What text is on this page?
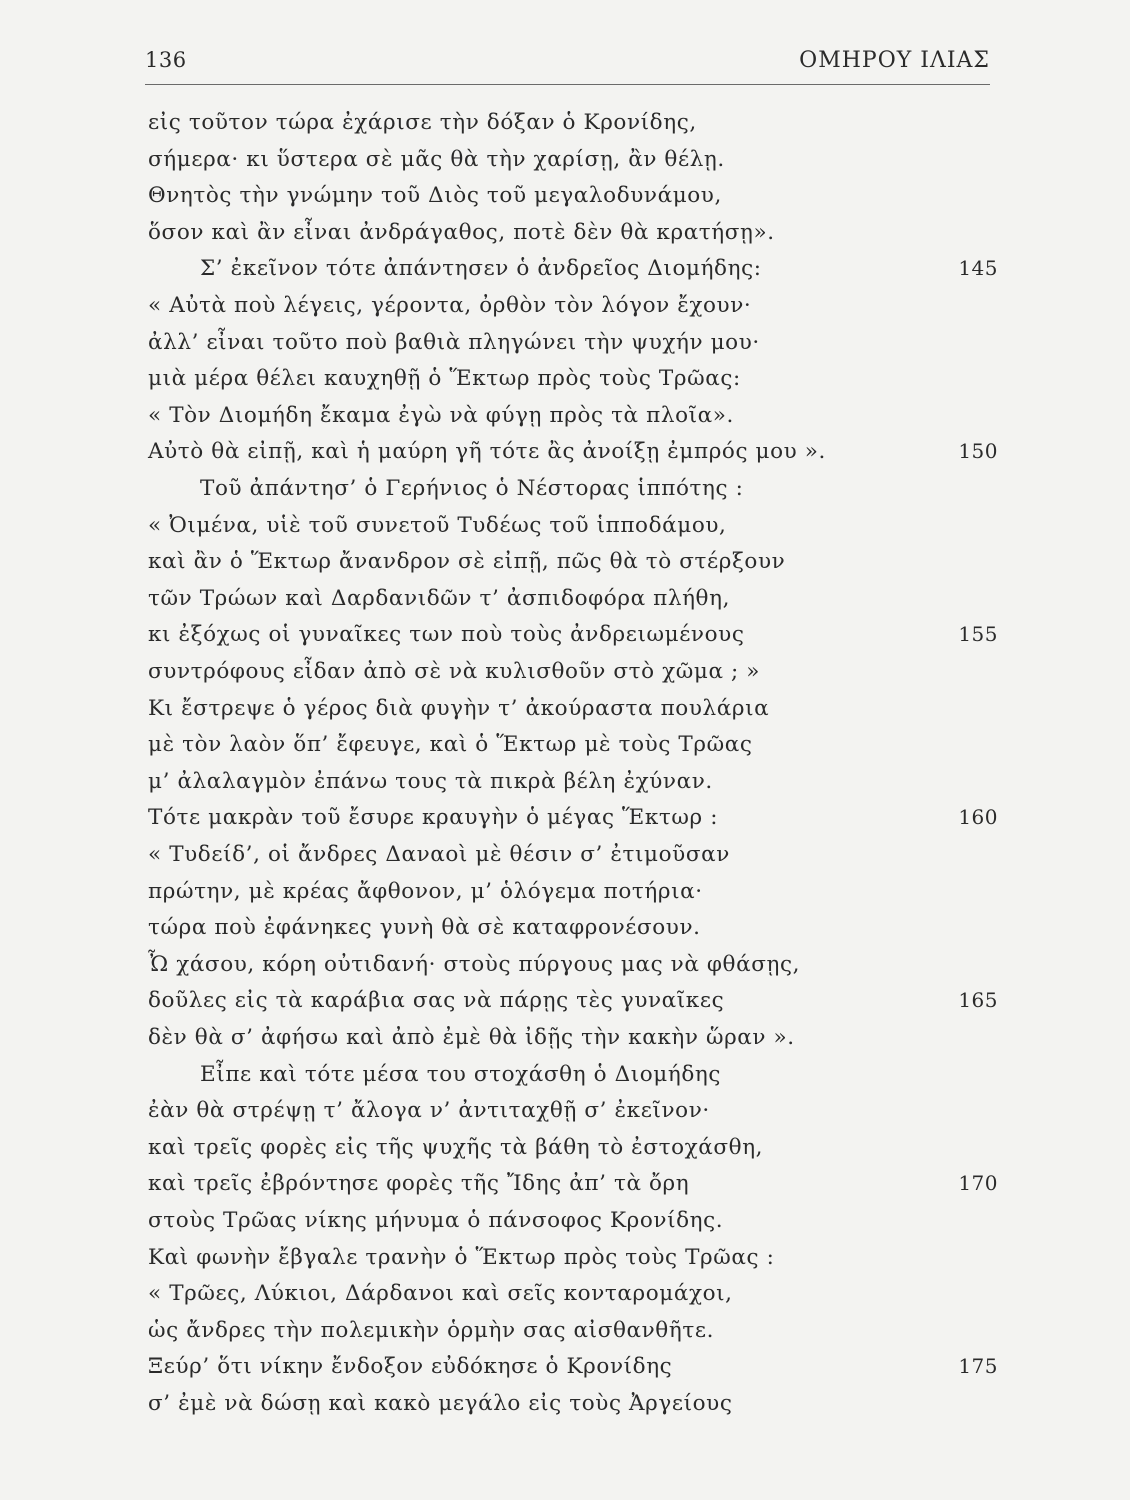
136	ΟΜΗΡΟΥ ΙΛΙΑΣ
εἰς τοῦτον τώρα ἐχάρισε τὴν δόξαν ὁ Κρονίδης,
σήμερα· κι ὕστερα σὲ μᾶς θὰ τὴν χαρίσῃ, ἂν θέλῃ.
Θνητὸς τὴν γνώμην τοῦ Διὸς τοῦ μεγαλοδυνάμου,
ὅσον καὶ ἂν εἶναι ἀνδράγαθος, ποτὲ δὲν θὰ κρατήσῃ».
Σ’ ἐκεῖνον τότε ἀπάντησεν ὁ ἀνδρεῖος Διομήδης:	145
« Αὐτὰ ποὺ λέγεις, γέροντα, ὀρθὸν τὸν λόγον ἔχουν·
ἀλλ’ εἶναι τοῦτο ποὺ βαθιὰ πληγώνει τὴν ψυχήν μου·
μιὰ μέρα θέλει καυχηθῇ ὁ Ἕκτωρ πρὸς τοὺς Τρῶας:
« Τὸν Διομήδη ἔκαμα ἐγὼ νὰ φύγῃ πρὸς τὰ πλοῖα».
Αὐτὸ θὰ εἰπῇ, καὶ ἡ μαύρη γῆ τότε ἂς ἀνοίξῃ ἐμπρός μου ».	150
Τοῦ ἀπάντησ’ ὁ Γερήνιος ὁ Νέστορας ἱππότης :
« Ὀιμένα, υἱὲ τοῦ συνετοῦ Τυδέως τοῦ ἱπποδάμου,
καὶ ἂν ὁ Ἕκτωρ ἄνανδρον σὲ εἰπῇ, πῶς θὰ τὸ στέρξουν
τῶν Τρώων καὶ Δαρδανιδῶν τ’ ἀσπιδοφόρα πλήθη,
κι ἐξόχως οἱ γυναῖκες των ποὺ τοὺς ἀνδρειωμένους	155
συντρόφους εἶδαν ἀπὸ σὲ νὰ κυλισθοῦν στὸ χῶμα ; »
Κι ἔστρεψε ὁ γέρος διὰ φυγὴν τ’ ἀκούραστα πουλάρια
μὲ τὸν λαὸν ὅπ’ ἔφευγε, καὶ ὁ Ἕκτωρ μὲ τοὺς Τρῶας
μ’ ἀλαλαγμὸν ἐπάνω τους τὰ πικρὰ βέλη ἐχύναν.
Τότε μακρὰν τοῦ ἔσυρε κραυγὴν ὁ μέγας Ἕκτωρ :	160
« Τυδείδ’, οἱ ἄνδρες Δαναοὶ μὲ θέσιν σ’ ἐτιμοῦσαν
πρώτην, μὲ κρέας ἄφθονον, μ’ ὁλόγεμα ποτήρια·
τώρα ποὺ ἐφάνηκες γυνὴ θὰ σὲ καταφρονέσουν.
Ὦ χάσου, κόρη οὐτιδανή· στοὺς πύργους μας νὰ φθάσῃς,
δοῦλες εἰς τὰ καράβια σας νὰ πάρῃς τὲς γυναῖκες	165
δὲν θὰ σ’ ἀφήσω καὶ ἀπὸ ἐμὲ θὰ ἰδῇς τὴν κακὴν ὥραν ».
Εἶπε καὶ τότε μέσα του στοχάσθη ὁ Διομήδης
ἐὰν θὰ στρέψῃ τ’ ἄλογα ν’ ἀντιταχθῇ σ’ ἐκεῖνον·
καὶ τρεῖς φορὲς εἰς τῆς ψυχῆς τὰ βάθη τὸ ἐστοχάσθη,
καὶ τρεῖς ἐβρόντησε φορὲς τῆς Ἴδης ἀπ’ τὰ ὄρη	170
στοὺς Τρῶας νίκης μήνυμα ὁ πάνσοφος Κρονίδης.
Καὶ φωνὴν ἔβγαλε τρανὴν ὁ Ἕκτωρ πρὸς τοὺς Τρῶας :
« Τρῶες, Λύκιοι, Δάρδανοι καὶ σεῖς κονταρομάχοι,
ὡς ἄνδρες τὴν πολεμικὴν ὁρμὴν σας αἰσθανθῆτε.
Ξεύρ’ ὅτι νίκην ἔνδοξον εὐδόκησε ὁ Κρονίδης	175
σ’ ἐμὲ νὰ δώσῃ καὶ κακὸ μεγάλο εἰς τοὺς Ἀργείους
